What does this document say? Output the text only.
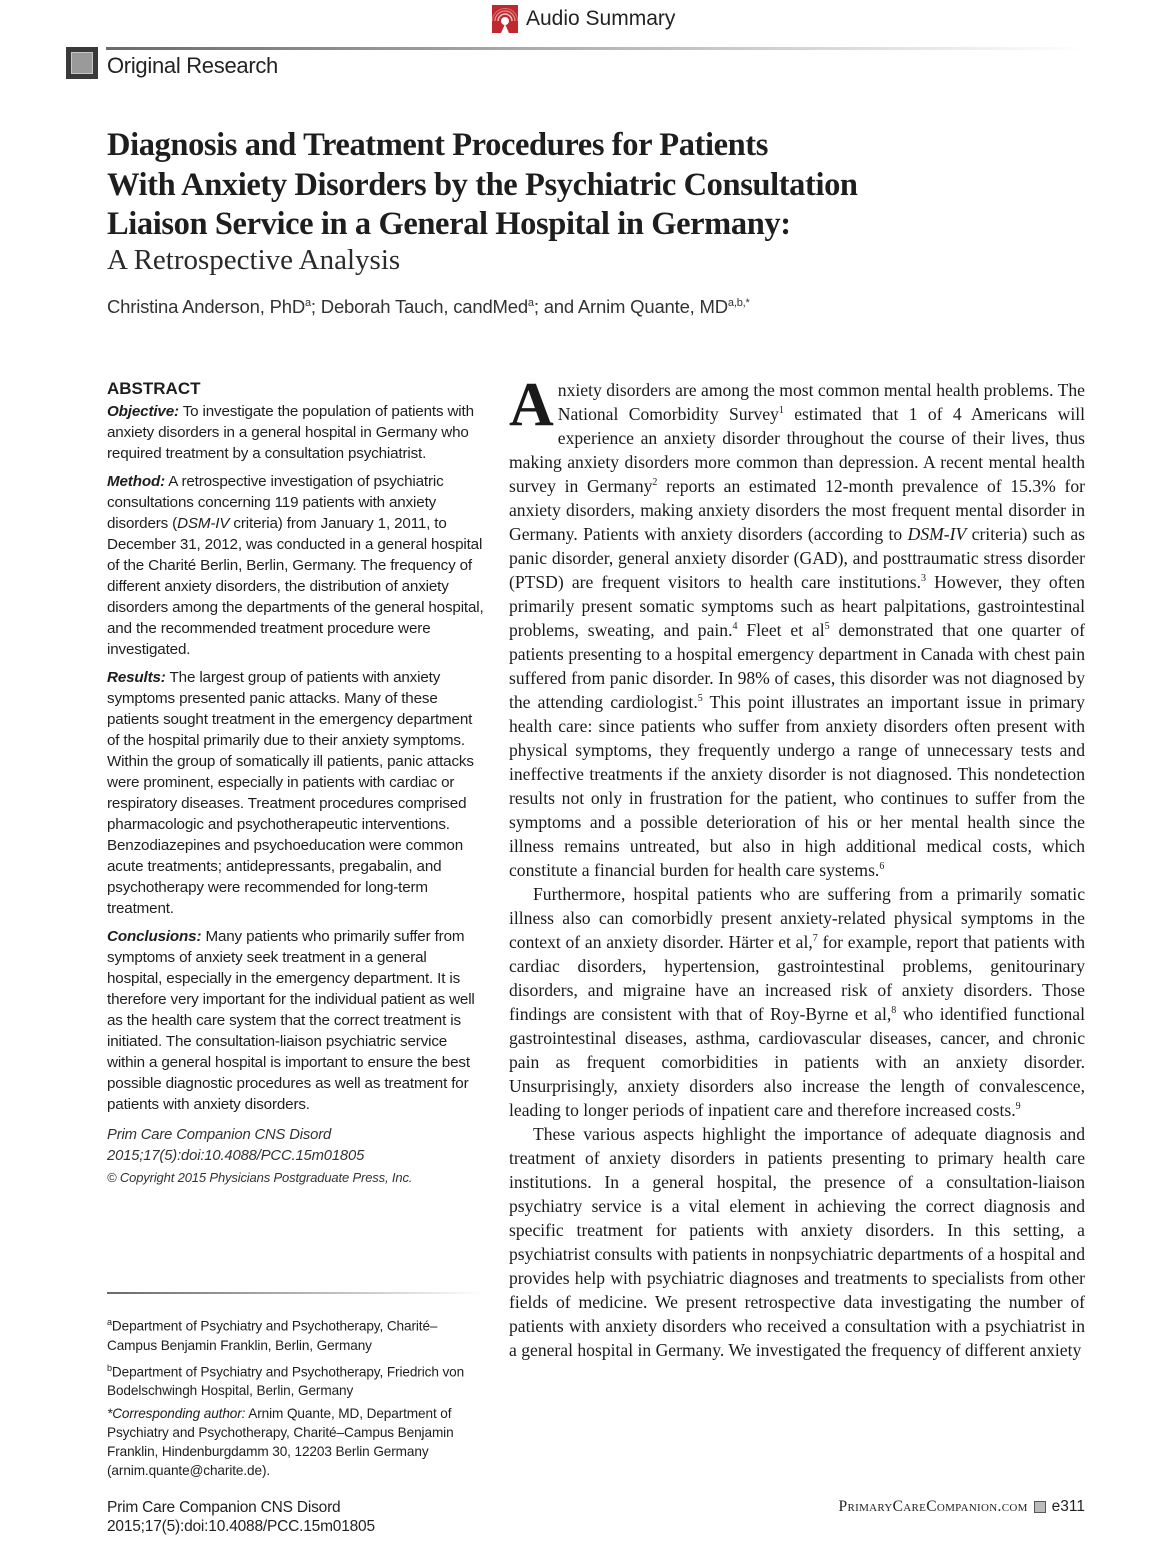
Audio Summary
Original Research
Diagnosis and Treatment Procedures for Patients
With Anxiety Disorders by the Psychiatric Consultation
Liaison Service in a General Hospital in Germany:
A Retrospective Analysis
Christina Anderson, PhD$^a$; Deborah Tauch, candMed$^a$; and Arnim Quante, $MD^{a,b,*}$
ABSTRACT

Objective: To investigate the population of patients with anxiety disorders in a general hospital in Germany who required treatment by a consultation psychiatrist.

Method: A retrospective investigation of psychiatric consultations concerning 119 patients with anxiety disorders (DSM-IV criteria) from January 1, 2011, to December 31, 2012, was conducted in a general hospital of the Charité Berlin, Berlin, Germany. The frequency of different anxiety disorders, the distribution of anxiety disorders among the departments of the general hospital, and the recommended treatment procedure were investigated.

Results: The largest group of patients with anxiety symptoms presented panic attacks. Many of these patients sought treatment in the emergency department of the hospital primarily due to their anxiety symptoms. Within the group of somatically ill patients, panic attacks were prominent, especially in patients with cardiac or respiratory diseases. Treatment procedures comprised pharmacologic and psychotherapeutic interventions. Benzodiazepines and psychoeducation were common acute treatments; antidepressants, pregabalin, and psychotherapy were recommended for long-term treatment.

Conclusions: Many patients who primarily suffer from symptoms of anxiety seek treatment in a general hospital, especially in the emergency department. It is therefore very important for the individual patient as well as the health care system that the correct treatment is initiated. The consultation-liaison psychiatric service within a general hospital is important to ensure the best possible diagnostic procedures as well as treatment for patients with anxiety disorders.

Prim Care Companion CNS Disord
2015;17(5):doi:10.4088/PCC.15m01805
© Copyright 2015 Physicians Postgraduate Press, Inc.

$^a$Department of Psychiatry and Psychotherapy, Charité–Campus Benjamin Franklin, Berlin, Germany

$^b$Department of Psychiatry and Psychotherapy, Friedrich von Bodelschwingh Hospital, Berlin, Germany

*Corresponding author: Arnim Quante, MD, Department of Psychiatry and Psychotherapy, Charité–Campus Benjamin Franklin, Hindenburgdamm 30, 12203 Berlin Germany (arnim.quante@charite.de).

Anxiety disorders are among the most common mental health problems. The National Comorbidity Survey$^1$ estimated that 1 of 4 Americans will experience an anxiety disorder throughout the course of their lives, thus making anxiety disorders more common than depression. A recent mental health survey in Germany$^2$ reports an estimated 12-month prevalence of 15.3% for anxiety disorders, making anxiety disorders the most frequent mental disorder in Germany. Patients with anxiety disorders (according to DSM-IV criteria) such as panic disorder, general anxiety disorder (GAD), and posttraumatic stress disorder (PTSD) are frequent visitors to health care institutions.$^3$ However, they often primarily present somatic symptoms such as heart palpitations, gastrointestinal problems, sweating, and pain.$^4$ Fleet et $al^5$ demonstrated that one quarter of patients presenting to a hospital emergency department in Canada with chest pain suffered from panic disorder. In 98% of cases, this disorder was not diagnosed by the attending cardiologist.$^5$ This point illustrates an important issue in primary health care: since patients who suffer from anxiety disorders often present with physical symptoms, they frequently undergo a range of unnecessary tests and ineffective treatments if the anxiety disorder is not diagnosed. This nondetection results not only in frustration for the patient, who continues to suffer from the symptoms and a possible deterioration of his or her mental health since the illness remains untreated, but also in high additional medical costs, which constitute a financial burden for health care systems.$^6$

Furthermore, hospital patients who are suffering from a primarily somatic illness also can comorbidly present anxiety-related physical symptoms in the context of an anxiety disorder. Härter et al,$^7$ for example, report that patients with cardiac disorders, hypertension, gastrointestinal problems, genitourinary disorders, and migraine have an increased risk of anxiety disorders. Those findings are consistent with that of Roy-Byrne et al,$^8$ who identified functional gastrointestinal diseases, asthma, cardiovascular diseases, cancer, and chronic pain as frequent comorbidities in patients with an anxiety disorder. Unsurprisingly, anxiety disorders also increase the length of convalescence, leading to longer periods of inpatient care and therefore increased costs.$^9$

These various aspects highlight the importance of adequate diagnosis and treatment of anxiety disorders in patients presenting to primary health care institutions. In a general hospital, the presence of a consultation-liaison psychiatry service is a vital element in achieving the correct diagnosis and specific treatment for patients with anxiety disorders. In this setting, a psychiatrist consults with patients in nonpsychiatric departments of a hospital and provides help with psychiatric diagnoses and treatments to specialists from other fields of medicine. We present retrospective data investigating the number of patients with anxiety disorders who received a consultation with a psychiatrist in a general hospital in Germany. We investigated the frequency of different anxiety

Prim Care Companion CNS Disord
2015;17(5):doi:10.4088/PCC.15m01805
PrimaryCareCompanion.com e311
